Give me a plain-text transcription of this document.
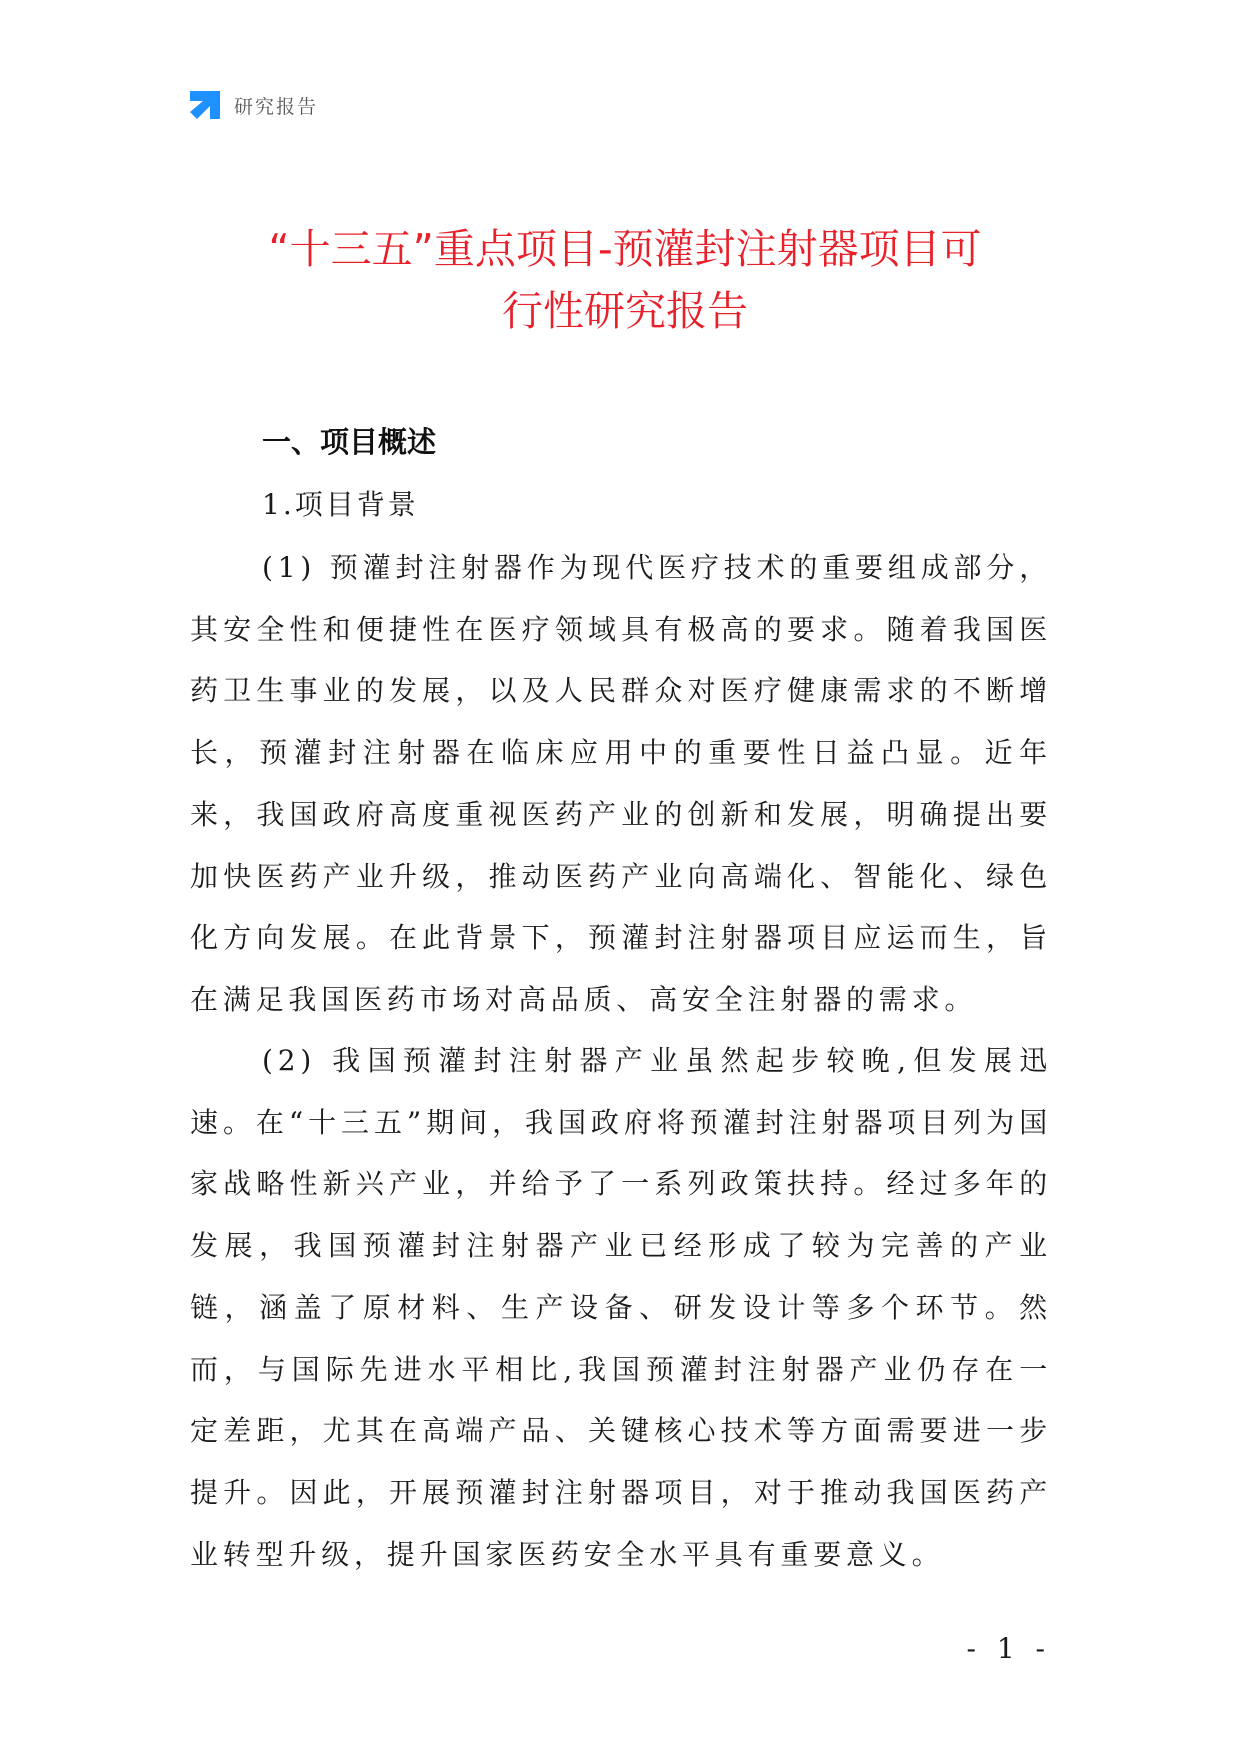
研究报告
“十三五”重点项目-预灌封注射器项目可
行性研究报告
一、项目概述
1.项目背景

(1) 预灌封注射器作为现代医疗技术的重要组成部分，其安全性和便捷性在医疗领域具有极高的要求。随着我国医药卫生事业的发展，以及人民群众对医疗健康需求的不断增长，预灌封注射器在临床应用中的重要性日益凸显。近年来，我国政府高度重视医药产业的创新和发展，明确提出要加快医药产业升级，推动医药产业向高端化、智能化、绿色化方向发展。在此背景下，预灌封注射器项目应运而生，旨在满足我国医药市场对高品质、高安全注射器的需求。

(2) 我国预灌封注射器产业虽然起步较晚,但发展迅速。在“十三五”期间，我国政府将预灌封注射器项目列为国家战略性新兴产业，并给予了一系列政策扶持。经过多年的发展，我国预灌封注射器产业已经形成了较为完善的产业链，涵盖了原材料、生产设备、研发设计等多个环节。然而，与国际先进水平相比,我国预灌封注射器产业仍存在一定差距，尤其在高端产品、关键核心技术等方面需要进一步提升。因此，开展预灌封注射器项目，对于推动我国医药产业转型升级，提升国家医药安全水平具有重要意义。

- 1 -
